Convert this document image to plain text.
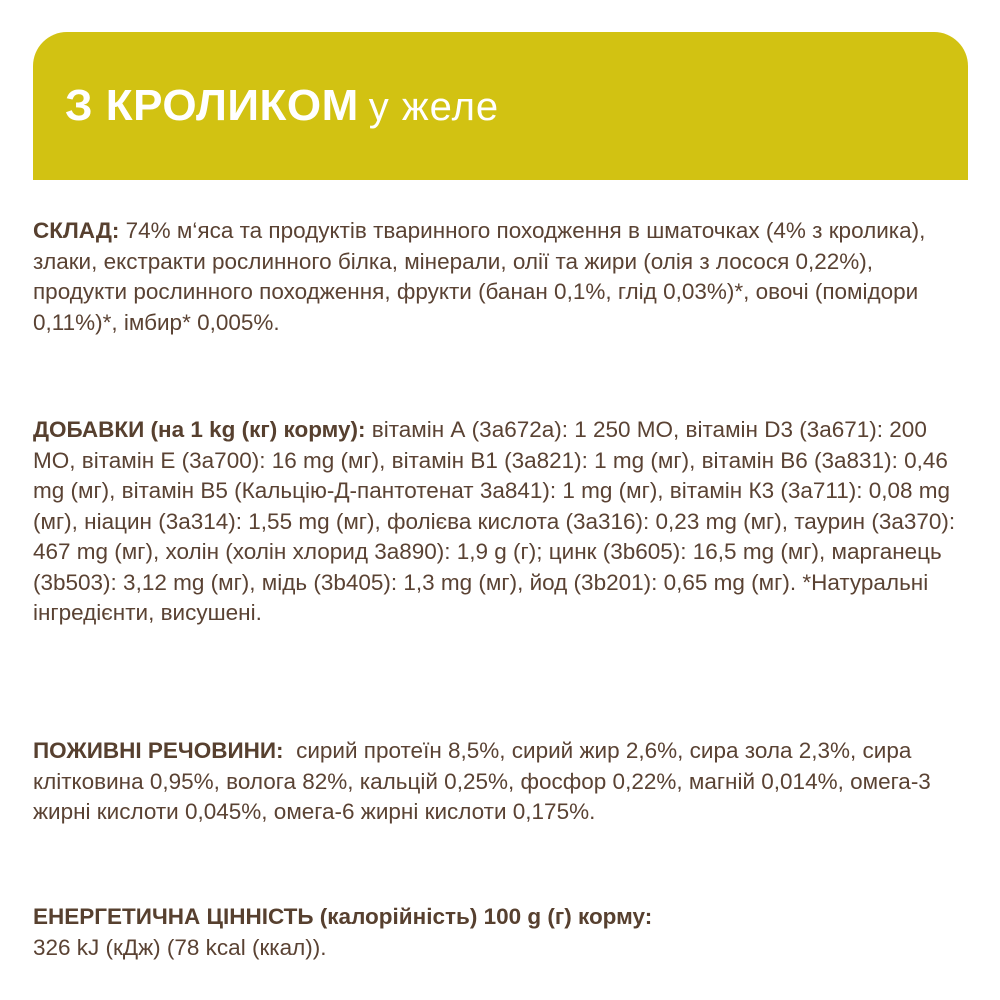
З КРОЛИКОМ у желе

СКЛАД: 74% м‘яса та продуктів тваринного походження в шматочках (4% з кролика), злаки, екстракти рослинного білка, мінерали, олії та жири (олія з лосося 0,22%), продукти рослинного походження, фрукти (банан 0,1%, глід 0,03%)*, овочі (помідори 0,11%)*, імбир* 0,005%.

ДОБАВКИ (на 1 kg (кг) корму): вітамін А (3а672а): 1 250 МО, вітамін D3 (3а671): 200 МО, вітамін Е (3а700): 16 mg (мг), вітамін В1 (3а821): 1 mg (мг), вітамін В6 (3а831): 0,46 mg (мг), вітамін В5 (Кальцію-Д-пантотенат 3а841): 1 mg (мг), вітамін К3 (3а711): 0,08 mg (мг), ніацин (3а314): 1,55 mg (мг), фолієва кислота (3а316): 0,23 mg (мг), таурин (3а370): 467 mg (мг), холін (холін хлорид 3а890): 1,9 g (г); цинк (3b605): 16,5 mg (мг), марганець (3b503): 3,12 mg (мг), мідь (3b405): 1,3 mg (мг), йод (3b201): 0,65 mg (мг). *Натуральні інгредієнти, висушені.

ПОЖИВНІ РЕЧОВИНИ: сирий протеїн 8,5%, сирий жир 2,6%, сира зола 2,3%, сира клітковина 0,95%, волога 82%, кальцій 0,25%, фосфор 0,22%, магній 0,014%, омега-3 жирні кислоти 0,045%, омега-6 жирні кислоти 0,175%.

ЕНЕРГЕТИЧНА ЦІННІСТЬ (калорійність) 100 g (г) корму:
326 kJ (кДж) (78 kcal (ккал)).
